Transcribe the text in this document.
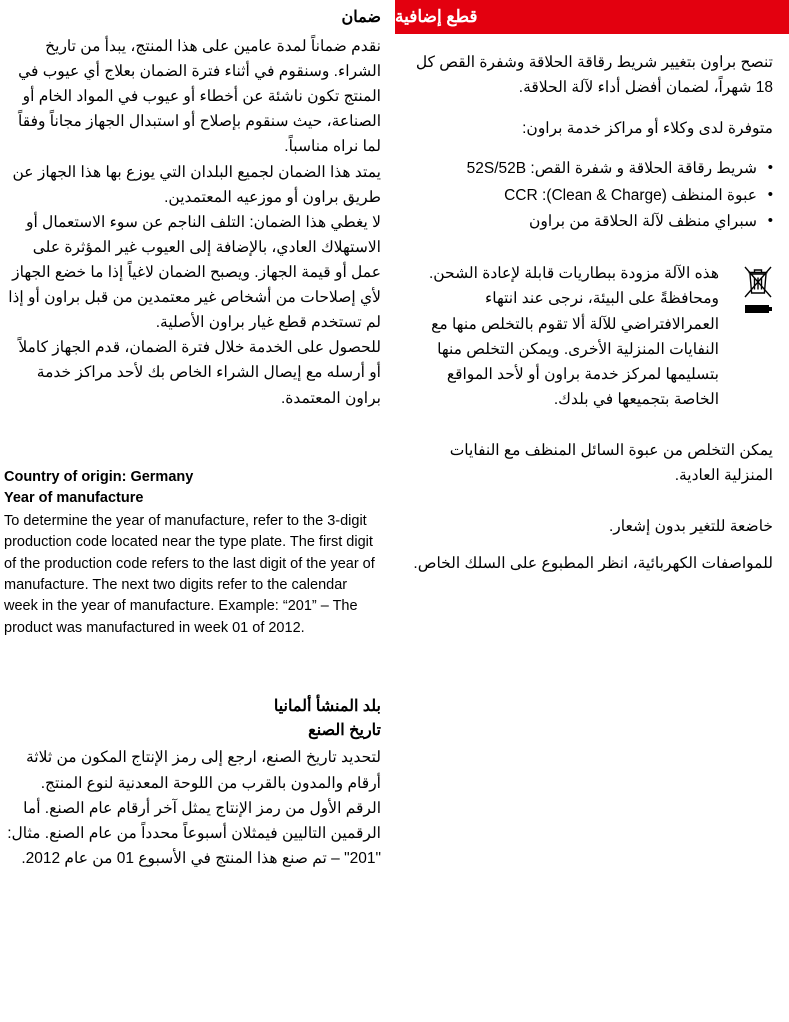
قطع إضافية

تنصح براون بتغيير شريط رقاقة الحلاقة وشفرة القص كل 18 شهراً، لضمان أفضل أداء لآلة الحلاقة.

متوفرة لدى وكلاء أو مراكز خدمة براون:

• شريط رقاقة الحلاقة و شفرة القص: 52S/52B
• عبوة المنظف (Clean & Charge): CCR
• سبراي منظف لآلة الحلاقة من براون

هذه الآلة مزودة ببطاريات قابلة لإعادة الشحن. ومحافظةً على البيئة، نرجى عند انتهاء العمرالافتراضي للآلة ألا تقوم بالتخلص منها مع النفايات المنزلية الأخرى. ويمكن التخلص منها بتسليمها لمركز خدمة براون أو لأحد المواقع الخاصة بتجميعها في بلدك.

يمكن التخلص من عبوة السائل المنظف مع النفايات المنزلية العادية.

خاضعة للتغير بدون إشعار.

للمواصفات الكهربائية، انظر المطبوع على السلك الخاص.

ضمان

نقدم ضماناً لمدة عامين على هذا المنتج، يبدأ من تاريخ الشراء. وسنقوم في أثناء فترة الضمان بعلاج أي عيوب في المنتج تكون ناشئة عن أخطاء أو عيوب في المواد الخام أو الصناعة، حيث سنقوم بإصلاح أو استبدال الجهاز مجاناً وفقاً لما نراه مناسباً.

يمتد هذا الضمان لجميع البلدان التي يوزع بها هذا الجهاز عن طريق براون أو موزعيه المعتمدين.

لا يغطي هذا الضمان: التلف الناجم عن سوء الاستعمال أو الاستهلاك العادي، بالإضافة إلى العيوب غير المؤثرة على عمل أو قيمة الجهاز. ويصبح الضمان لاغياً إذا ما خضع الجهاز لأي إصلاحات من أشخاص غير معتمدين من قبل براون أو إذا لم تستخدم قطع غيار براون الأصلية.

للحصول على الخدمة خلال فترة الضمان، قدم الجهاز كاملاً أو أرسله مع إيصال الشراء الخاص بك لأحد مراكز خدمة براون المعتمدة.

Country of origin: Germany
Year of manufacture

To determine the year of manufacture, refer to the 3-digit production code located near the type plate. The first digit of the production code refers to the last digit of the year of manufacture. The next two digits refer to the calendar week in the year of manufacture. Example: “201” – The product was manufactured in week 01 of 2012.

بلد المنشأ ألمانيا
تاريخ الصنع

لتحديد تاريخ الصنع، ارجع إلى رمز الإنتاج المكون من ثلاثة أرقام والمدون بالقرب من اللوحة المعدنية لنوع المنتج. الرقم الأول من رمز الإنتاج يمثل آخر أرقام عام الصنع. أما الرقمين التاليين فيمثلان أسبوعاً محدداً من عام الصنع. مثال: "201" – تم صنع هذا المنتج في الأسبوع 01 من عام 2012.
